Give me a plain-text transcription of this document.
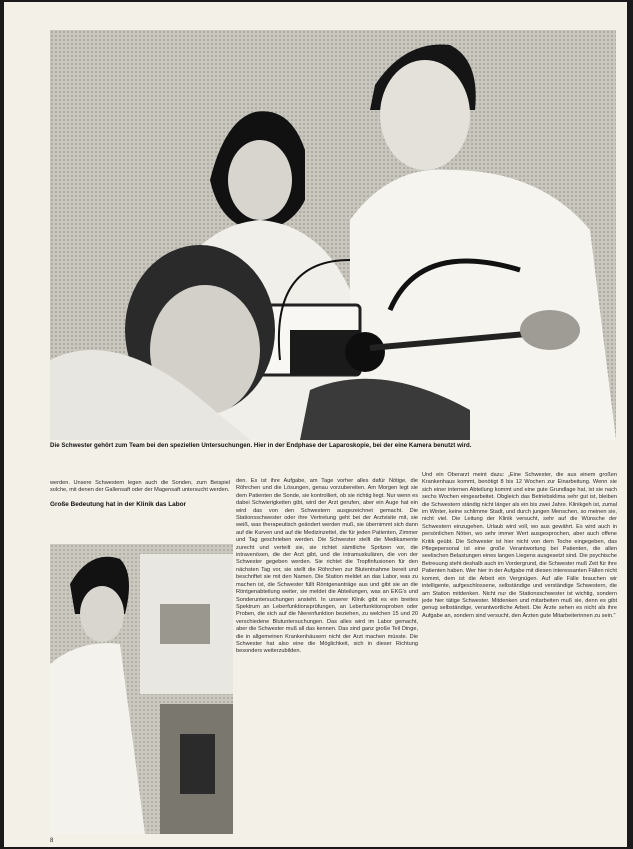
Die Schwester gehört zum Team bei den speziellen Untersuchungen. Hier in der Endphase der Laparoskopie, bei der eine Kamera benutzt wird.

werden. Unsere Schwestern legen auch die Sonden, zum Beispiel solche, mit denen der Gallensaft oder der Magensaft untersucht werden.

Große Bedeutung hat in der Klinik das Labor

den. Es ist ihre Aufgabe, am Tage vorher alles dafür Nötige, die Röhrchen und die Lösungen, genau vorzubereiten. Am Morgen legt sie dem Patienten die Sonde, sie kontrolliert, ob sie richtig liegt. Nur wenn es dabei Schwierigkeiten gibt, wird der Arzt gerufen, aber ein Auge hat ein wird das von den Schwestern ausgezeichnet gemacht. Die Stationsschwester oder ihre Vertretung geht bei der Arztvisite mit, sie weiß, was therapeutisch geändert werden muß, sie übernimmt sich dann auf die Kurven und auf die Medizinzettel, die für jeden Patienten, Zimmer und Tag geschrieben werden. Die Schwester stellt die Medikamente zurecht und verteilt sie, sie richtet sämtliche Spritzen vor, die intravenösen, die der Arzt gibt, und die intramuskulären, die von der Schwester gegeben werden. Sie richtet die Tropfinfusionen für den nächsten Tag vor, sie stellt die Röhrchen zur Blutentnahme bereit und beschriftet sie mit den Namen. Die Station meldet an das Labor, was zu machen ist, die Schwester füllt Röntgenanträge aus und gibt sie an die Röntgenabteilung weiter, sie meldet die Abteilungen, was an EKG's und Sonderuntersuchungen ansteht. In unserer Klinik gibt es ein breites Spektrum an Leberfunktionsprüfungen, an Leberfunktionsproben oder Proben, die sich auf die Nierenfunktion beziehen, zu welchen 15 und 20 verschiedene Blutuntersuchungen. Das alles wird im Labor gemacht, aber die Schwester muß all das kennen. Das sind ganz große Teil Dinge, die in allgemeinen Krankenhäusern nicht der Arzt machen müsste. Die Schwester hat also eine die Möglichkeit, sich in dieser Richtung besonders weiterzubilden.

Und ein Oberarzt meint dazu: „Eine Schwester, die aus einem großen Krankenhaus kommt, benötigt 8 bis 12 Wochen zur Einarbeitung. Wenn sie sich einer internen Abteilung kommt und eine gute Grundlage hat, ist sie nach sechs Wochen eingearbeitet. Obgleich das Betriebsklima sehr gut ist, bleiben die Schwestern ständig nicht länger als ein bis zwei Jahre. Klinikgeh ist, zumal im Winter, keine schlimme Stadt, und durch jungen Menschen, so meinen sie, nicht viel. Die Leitung der Klinik versucht, sehr auf die Wünsche der Schwestern einzugehen. Urlaub wird voll, wo aus gewährt. Es wird auch in persönlichen Nöten, wo sehr immer Wert ausgesprochen, aber auch offene Kritik geübt. Die Schwester ist hier nicht von dem Toche eingegeben, das Pflegepersonal ist eine große Verantwortung bei Patienten, die allen seelischen Belastungen eines langen Liegens ausgesetzt sind. Die psychische Betreuung steht deshalb auch im Vordergrund, die Schwester muß Zeit für ihre Patienten haben. Wer hier in der Aufgabe mit diesen interessanten Fällen nicht kommt, dem ist die Arbeit ein Vergnügen. Auf alle Fälle brauchen wir intelligente, aufgeschlossene, selbständige und verständige Schwestern, die am Station mitdenken. Nicht nur die Stationsschwester ist wichtig, sondern jede hier tätige Schwester. Mitdenken und mitarbeiten muß sie, denn es gibt genug selbständige, verantwortliche Arbeit. Die Ärzte sehen es nicht als ihre Aufgabe an, sondern sind versucht, den Ärzten gute Mitarbeiterinnen zu sein."

8
